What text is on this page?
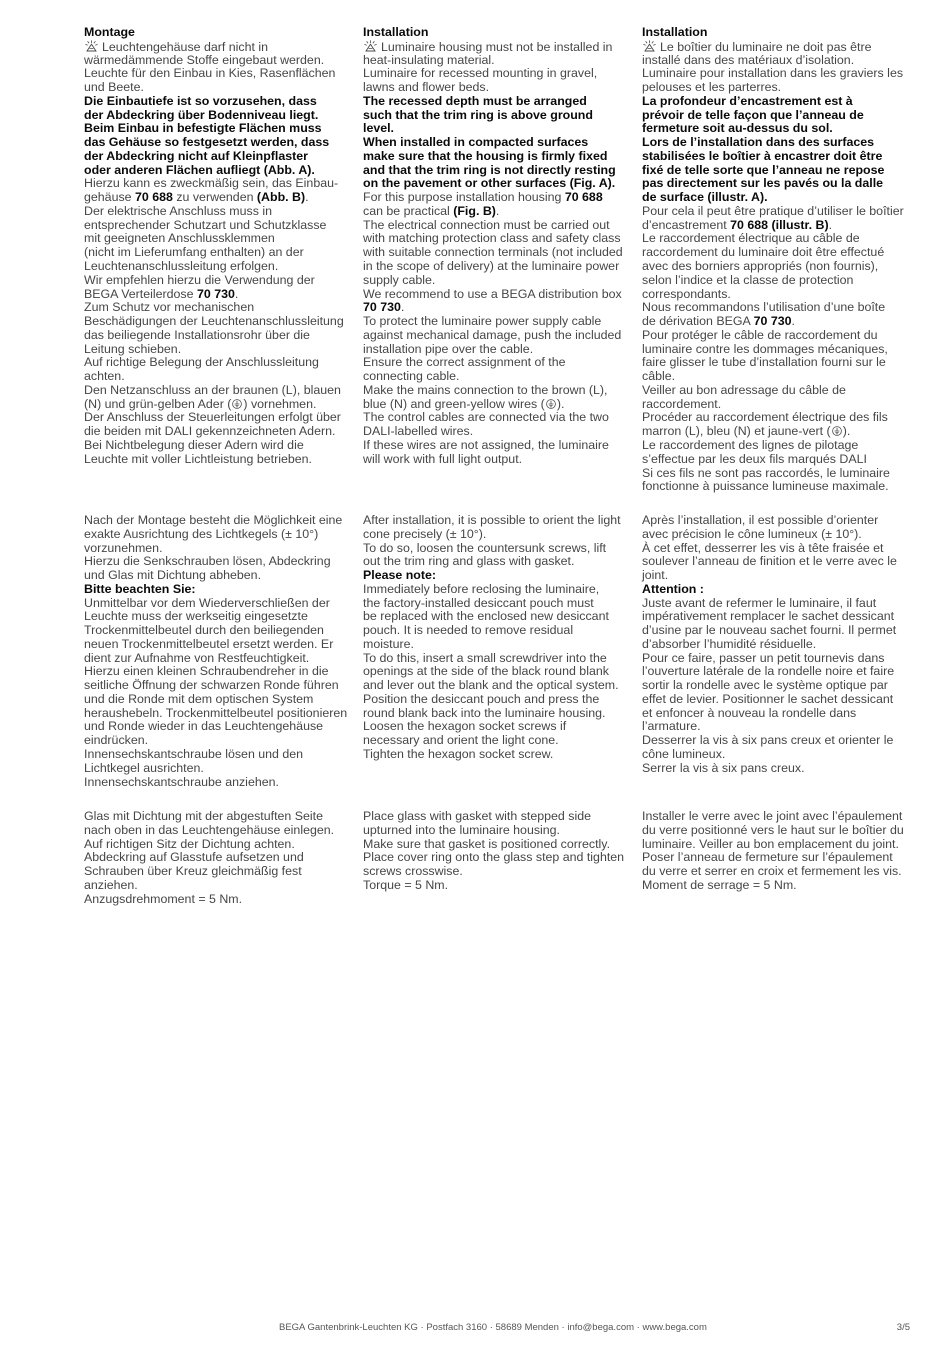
Montage
Leuchtengehäuse darf nicht in
wärmedämmende Stoffe eingebaut werden.
Leuchte für den Einbau in Kies, Rasenflächen
und Beete.
Die Einbautiefe ist so vorzusehen, dass
der Abdeckring über Bodenniveau liegt.
Beim Einbau in befestigte Flächen muss
das Gehäuse so festgesetzt werden, dass
der Abdeckring nicht auf Kleinpflaster
oder anderen Flächen aufliegt (Abb. A).
Hierzu kann es zweckmäßig sein, das Einbau-
gehäuse 70 688 zu verwenden (Abb. B).
Der elektrische Anschluss muss in
entsprechender Schutzart und Schutzklasse
mit geeigneten Anschlussklemmen
(nicht im Lieferumfang enthalten) an der
Leuchtenanschlussleitung erfolgen.
Wir empfehlen hierzu die Verwendung der
BEGA Verteilerdose 70 730.
Zum Schutz vor mechanischen
Beschädigungen der Leuchtenanschlussleitung
das beiliegende Installationsrohr über die
Leitung schieben.
Auf richtige Belegung der Anschlussleitung
achten.
Den Netzanschluss an der braunen (L), blauen
(N) und grün-gelben Ader ( ) vornehmen.
Der Anschluss der Steuerleitungen erfolgt über
die beiden mit DALI gekennzeichneten Adern.
Bei Nichtbelegung dieser Adern wird die
Leuchte mit voller Lichtleistung betrieben.
Nach der Montage besteht die Möglichkeit eine
exakte Ausrichtung des Lichtkegels (± 10°)
vorzunehmen.
Hierzu die Senkschrauben lösen, Abdeckring
und Glas mit Dichtung abheben.
Bitte beachten Sie:
Unmittelbar vor dem Wiederverschließen der
Leuchte muss der werkseitig eingesetzte
Trockenmittelbeutel durch den beiliegenden
neuen Trockenmittelbeutel ersetzt werden. Er
dient zur Aufnahme von Restfeuchtigkeit.
Hierzu einen kleinen Schraubendreher in die
seitliche Öffnung der schwarzen Ronde führen
und die Ronde mit dem optischen System
heraushebeln. Trockenmittelbeutel positionieren
und Ronde wieder in das Leuchtengehäuse
eindrücken.
Innensechskantschraube lösen und den
Lichtkegel ausrichten.
Innensechskantschraube anziehen.
Glas mit Dichtung mit der abgestuften Seite
nach oben in das Leuchtengehäuse einlegen.
Auf richtigen Sitz der Dichtung achten.
Abdeckring auf Glasstufe aufsetzen und
Schrauben über Kreuz gleichmäßig fest
anziehen.
Anzugsdrehmoment = 5 Nm.
Installation
Luminaire housing must not be installed in
heat-insulating material.
Luminaire for recessed mounting in gravel,
lawns and flower beds.
The recessed depth must be arranged
such that the trim ring is above ground
level.
When installed in compacted surfaces
make sure that the housing is firmly fixed
and that the trim ring is not directly resting
on the pavement or other surfaces (Fig. A).
For this purpose installation housing 70 688
can be practical (Fig. B).
The electrical connection must be carried out
with matching protection class and safety class
with suitable connection terminals (not included
in the scope of delivery) at the luminaire power
supply cable.
We recommend to use a BEGA distribution box
70 730.
To protect the luminaire power supply cable
against mechanical damage, push the included
installation pipe over the cable.
Ensure the correct assignment of the
connecting cable.
Make the mains connection to the brown (L),
blue (N) and green-yellow wires ( ).
The control cables are connected via the two
DALI-labelled wires.
If these wires are not assigned, the luminaire
will work with full light output.
After installation, it is possible to orient the light
cone precisely (± 10°).
To do so, loosen the countersunk screws, lift
out the trim ring and glass with gasket.
Please note:
Immediately before reclosing the luminaire,
the factory-installed desiccant pouch must
be replaced with the enclosed new desiccant
pouch. It is needed to remove residual
moisture.
To do this, insert a small screwdriver into the
openings at the side of the black round blank
and lever out the blank and the optical system.
Position the desiccant pouch and press the
round blank back into the luminaire housing.
Loosen the hexagon socket screws if
necessary and orient the light cone.
Tighten the hexagon socket screw.
Place glass with gasket with stepped side
upturned into the luminaire housing.
Make sure that gasket is positioned correctly.
Place cover ring onto the glass step and tighten
screws crosswise.
Torque = 5 Nm.
Installation
Le boîtier du luminaire ne doit pas être
installé dans des matériaux d’isolation.
Luminaire pour installation dans les graviers les
pelouses et les parterres.
La profondeur d’encastrement est à
prévoir de telle façon que l’anneau de
fermeture soit au-dessus du sol.
Lors de l’installation dans des surfaces
stabilisées le boîtier à encastrer doit être
fixé de telle sorte que l’anneau ne repose
pas directement sur les pavés ou la dalle
de surface (illustr. A).
Pour cela il peut être pratique d’utiliser le boîtier
d’encastrement 70 688 (illustr. B).
Le raccordement électrique au câble de
raccordement du luminaire doit être effectué
avec des borniers appropriés (non fournis),
selon l’indice et la classe de protection
correspondants.
Nous recommandons l’utilisation d’une boîte
de dérivation BEGA 70 730.
Pour protéger le câble de raccordement du
luminaire contre les dommages mécaniques,
faire glisser le tube d’installation fourni sur le
câble.
Veiller au bon adressage du câble de
raccordement.
Procéder au raccordement électrique des fils
marron (L), bleu (N) et jaune-vert ( ).
Le raccordement des lignes de pilotage
s’effectue par les deux fils marqués DALI
Si ces fils ne sont pas raccordés, le luminaire
fonctionne à puissance lumineuse maximale.
Après l’installation, il est possible d’orienter
avec précision le cône lumineux (± 10°).
À cet effet, desserrer les vis à tête fraisée et
soulever l’anneau de finition et le verre avec le
joint.
Attention :
Juste avant de refermer le luminaire, il faut
impérativement remplacer le sachet dessicant
d’usine par le nouveau sachet fourni. Il permet
d’absorber l’humidité résiduelle.
Pour ce faire, passer un petit tournevis dans
l’ouverture latérale de la rondelle noire et faire
sortir la rondelle avec le système optique par
effet de levier. Positionner le sachet dessicant
et enfoncer à nouveau la rondelle dans
l’armature.
Desserrer la vis à six pans creux et orienter le
cône lumineux.
Serrer la vis à six pans creux.
Installer le verre avec le joint avec l’épaulement
du verre positionné vers le haut sur le boîtier du
luminaire. Veiller au bon emplacement du joint.
Poser l’anneau de fermeture sur l’épaulement
du verre et serrer en croix et fermement les vis.
Moment de serrage = 5 Nm.
BEGA Gantenbrink-Leuchten KG · Postfach 3160 · 58689 Menden · info@bega.com · www.bega.com	3/5
